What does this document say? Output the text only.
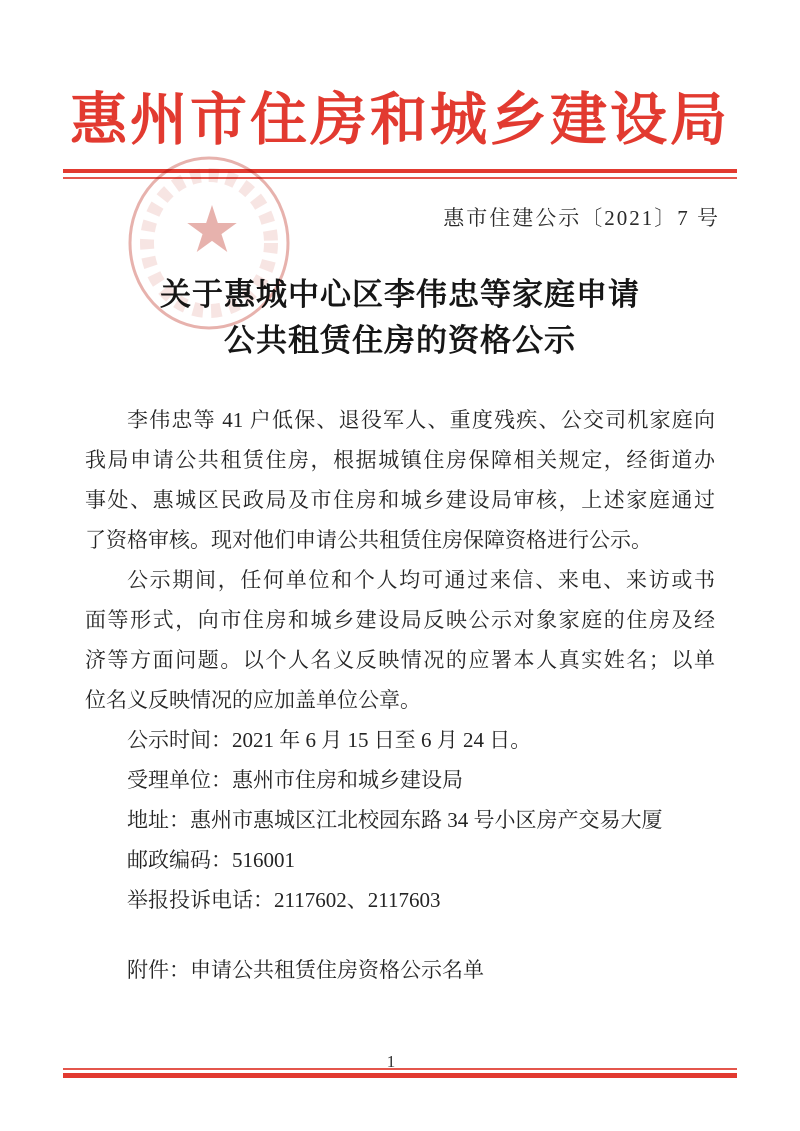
惠州市住房和城乡建设局
惠市住建公示〔2021〕7 号
关于惠城中心区李伟忠等家庭申请
公共租赁住房的资格公示
李伟忠等 41 户低保、退役军人、重度残疾、公交司机家庭向
我局申请公共租赁住房，根据城镇住房保障相关规定，经街道办
事处、惠城区民政局及市住房和城乡建设局审核，上述家庭通过
了资格审核。现对他们申请公共租赁住房保障资格进行公示。
公示期间，任何单位和个人均可通过来信、来电、来访或书
面等形式，向市住房和城乡建设局反映公示对象家庭的住房及经
济等方面问题。以个人名义反映情况的应署本人真实姓名；以单
位名义反映情况的应加盖单位公章。
公示时间：2021 年 6 月 15 日至 6 月 24 日。
受理单位：惠州市住房和城乡建设局
地址：惠州市惠城区江北校园东路 34 号小区房产交易大厦
邮政编码：516001
举报投诉电话：2117602、2117603
附件：申请公共租赁住房资格公示名单
1
